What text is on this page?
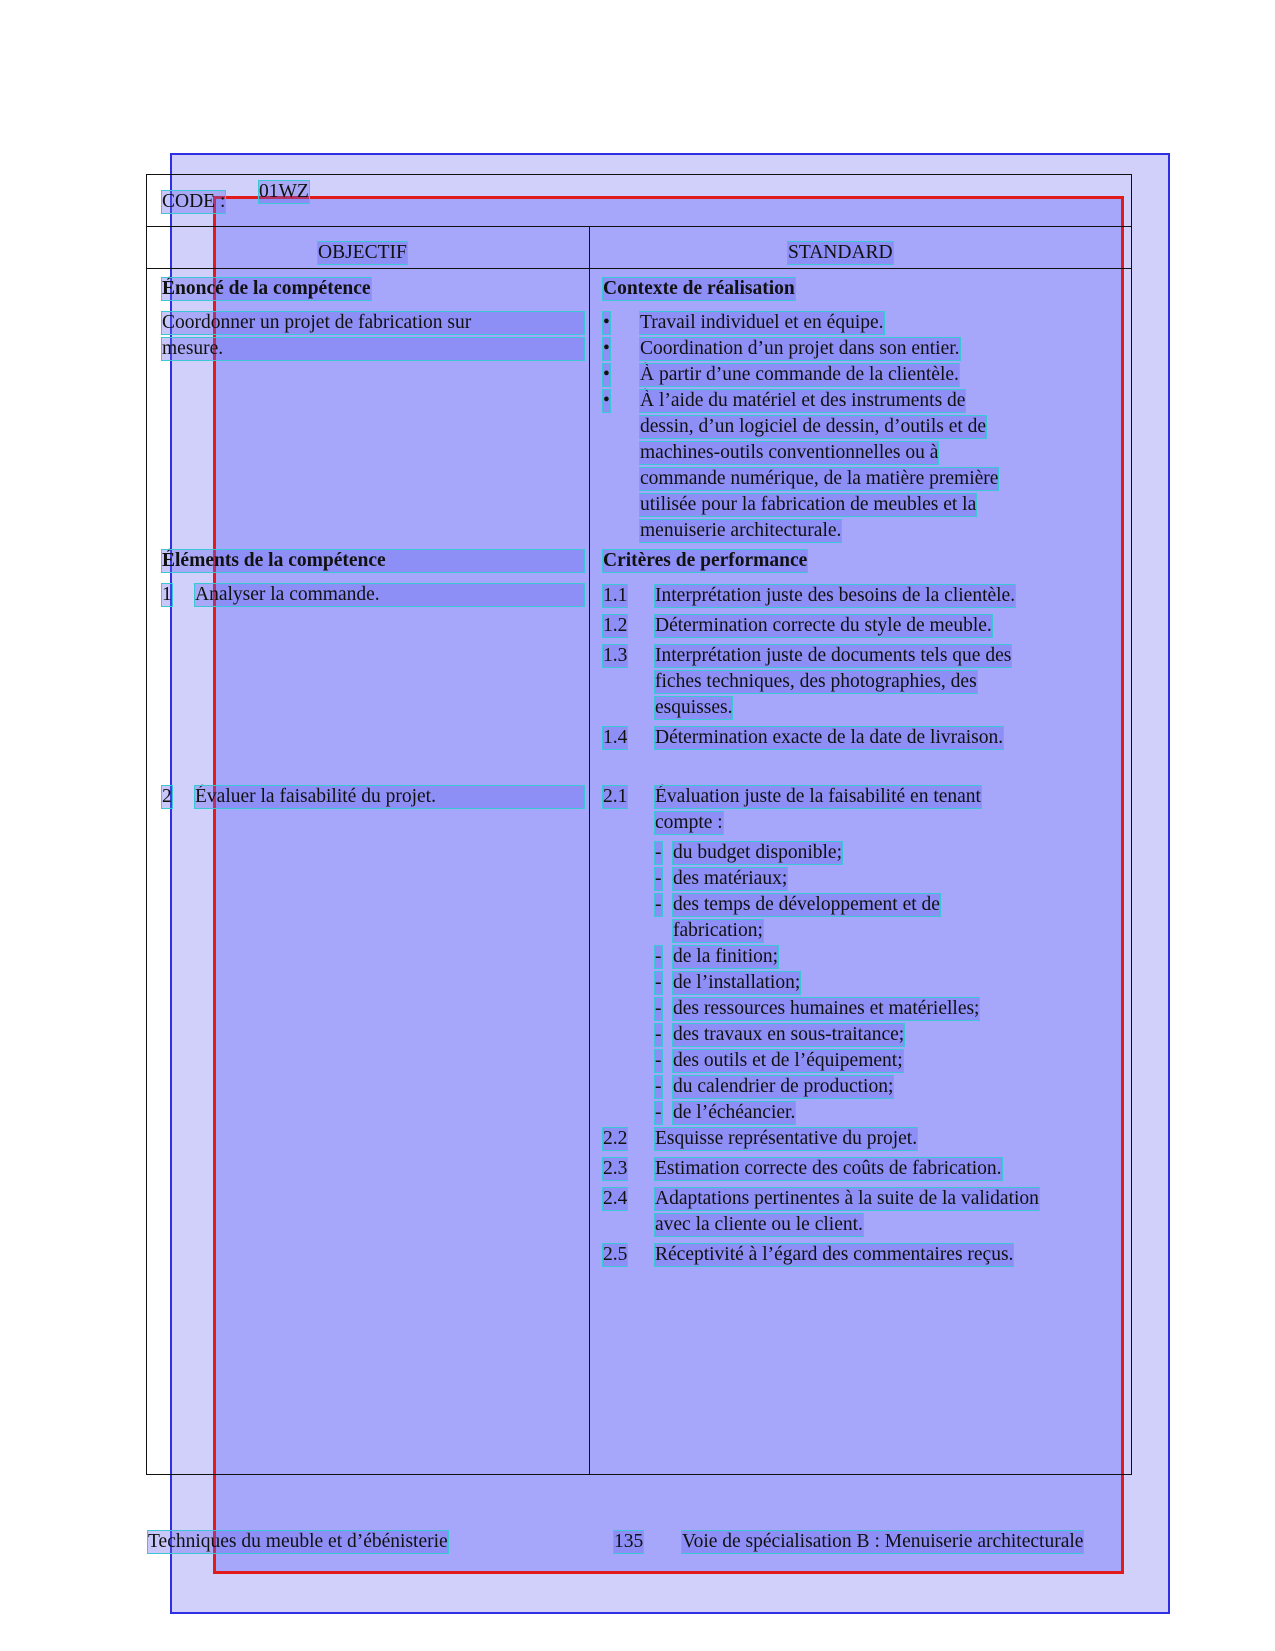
CODE : 01WZ
OBJECTIF	STANDARD
Énoncé de la compétence
Coordonner un projet de fabrication sur
mesure.
Éléments de la compétence
1 Analyser la commande.
2 Évaluer la faisabilité du projet.
Contexte de réalisation
• Travail individuel et en équipe.
• Coordination d’un projet dans son entier.
• À partir d’une commande de la clientèle.
• À l’aide du matériel et des instruments de
dessin, d’un logiciel de dessin, d’outils et de
machines-outils conventionnelles ou à
commande numérique, de la matière première
utilisée pour la fabrication de meubles et la
menuiserie architecturale.
Critères de performance
1.1 Interprétation juste des besoins de la clientèle.
1.2 Détermination correcte du style de meuble.
1.3 Interprétation juste de documents tels que des
fiches techniques, des photographies, des
esquisses.
1.4 Détermination exacte de la date de livraison.
2.1 Évaluation juste de la faisabilité en tenant
compte :
- du budget disponible;
- des matériaux;
- des temps de développement et de
fabrication;
- de la finition;
- de l’installation;
- des ressources humaines et matérielles;
- des travaux en sous-traitance;
- des outils et de l’équipement;
- du calendrier de production;
- de l’échéancier.
2.2 Esquisse représentative du projet.
2.3 Estimation correcte des coûts de fabrication.
2.4 Adaptations pertinentes à la suite de la validation
avec la cliente ou le client.
2.5 Réceptivité à l’égard des commentaires reçus.
Techniques du meuble et d’ébénisterie	135 Voie de spécialisation B : Menuiserie architecturale
